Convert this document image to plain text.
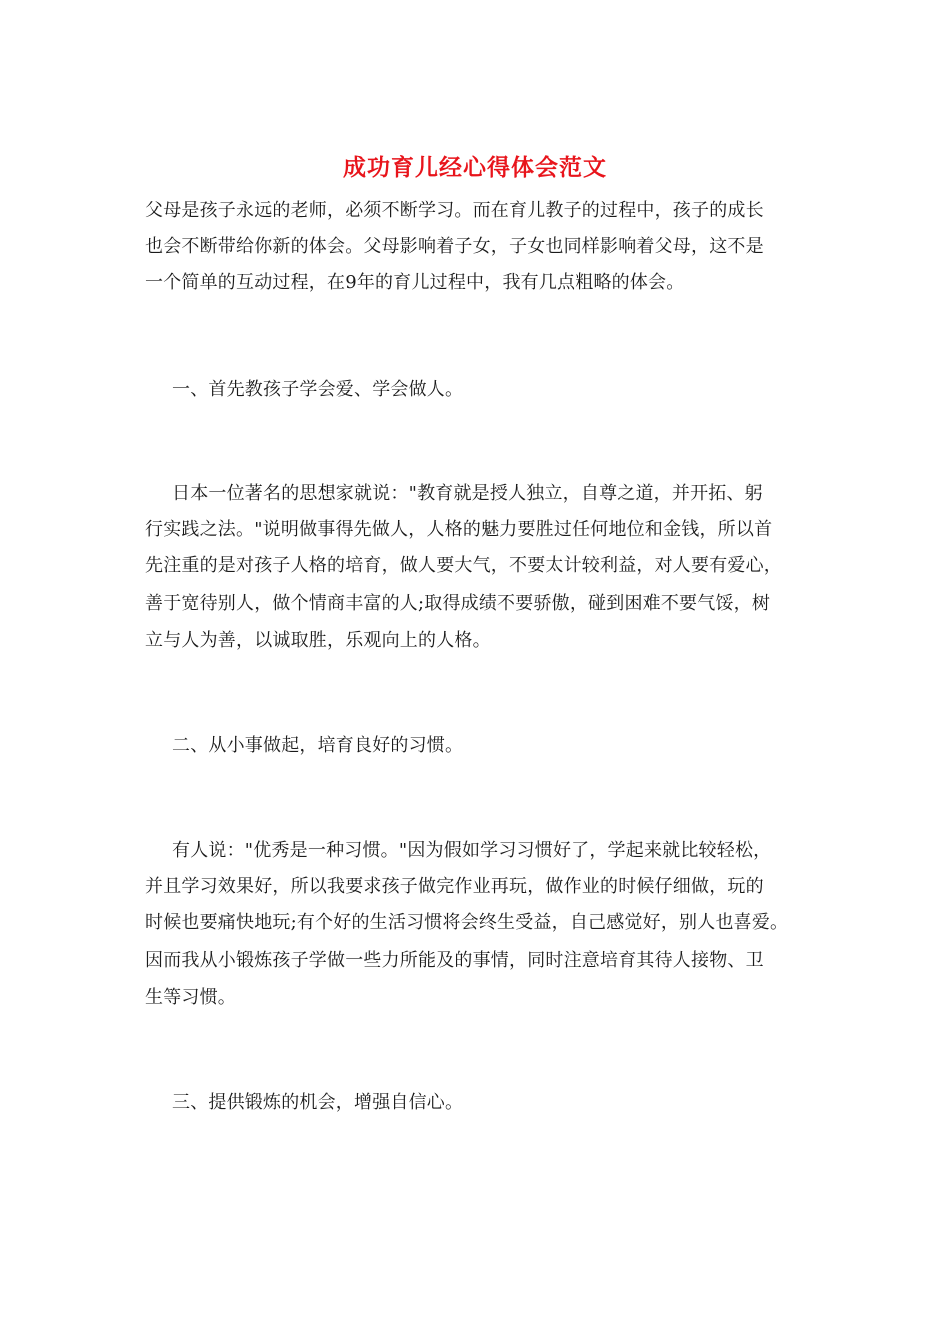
成功育儿经心得体会范文
父母是孩子永远的老师，必须不断学习。而在育儿教子的过程中，孩子的成长
也会不断带给你新的体会。父母影响着子女，子女也同样影响着父母，这不是
一个简单的互动过程，在9年的育儿过程中，我有几点粗略的体会。
一、首先教孩子学会爱、学会做人。
日本一位著名的思想家就说："教育就是授人独立，自尊之道，并开拓、躬
行实践之法。"说明做事得先做人，人格的魅力要胜过任何地位和金钱，所以首
先注重的是对孩子人格的培育，做人要大气，不要太计较利益，对人要有爱心，
善于宽待别人，做个情商丰富的人;取得成绩不要骄傲，碰到困难不要气馁，树
立与人为善，以诚取胜，乐观向上的人格。
二、从小事做起，培育良好的习惯。
有人说："优秀是一种习惯。"因为假如学习习惯好了，学起来就比较轻松，
并且学习效果好，所以我要求孩子做完作业再玩，做作业的时候仔细做，玩的
时候也要痛快地玩;有个好的生活习惯将会终生受益，自己感觉好，别人也喜爱。
因而我从小锻炼孩子学做一些力所能及的事情，同时注意培育其待人接物、卫
生等习惯。
三、提供锻炼的机会，增强自信心。
